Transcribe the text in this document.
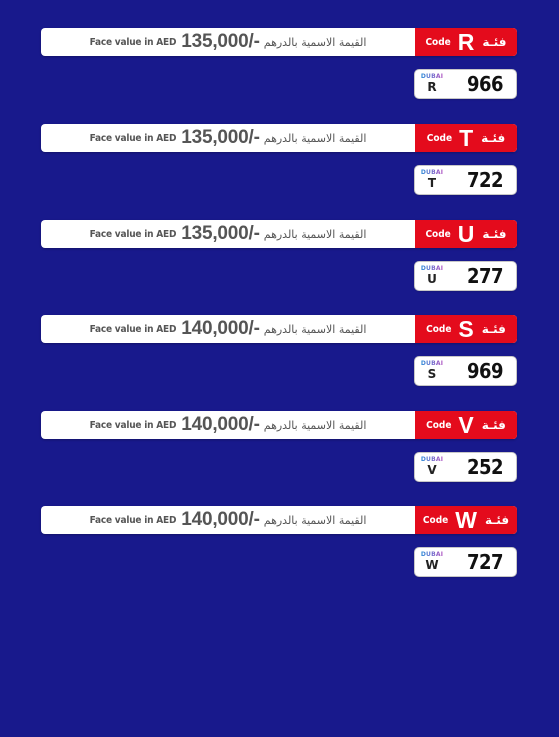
Face value in AED 135,000/- القيمة الاسمية بالدرهم	Code R فئـة
DUBAI
R	966
Face value in AED 135,000/- القيمة الاسمية بالدرهم	Code T فئـة
DUBAI
T	722
Face value in AED 135,000/- القيمة الاسمية بالدرهم	Code U فئـة
DUBAI
U	277
Face value in AED 140,000/- القيمة الاسمية بالدرهم	Code S فئـة
DUBAI
S	969
Face value in AED 140,000/- القيمة الاسمية بالدرهم	Code V فئـة
DUBAI
V	252
Face value in AED 140,000/- القيمة الاسمية بالدرهم	Code W فئـة
DUBAI
W	727
